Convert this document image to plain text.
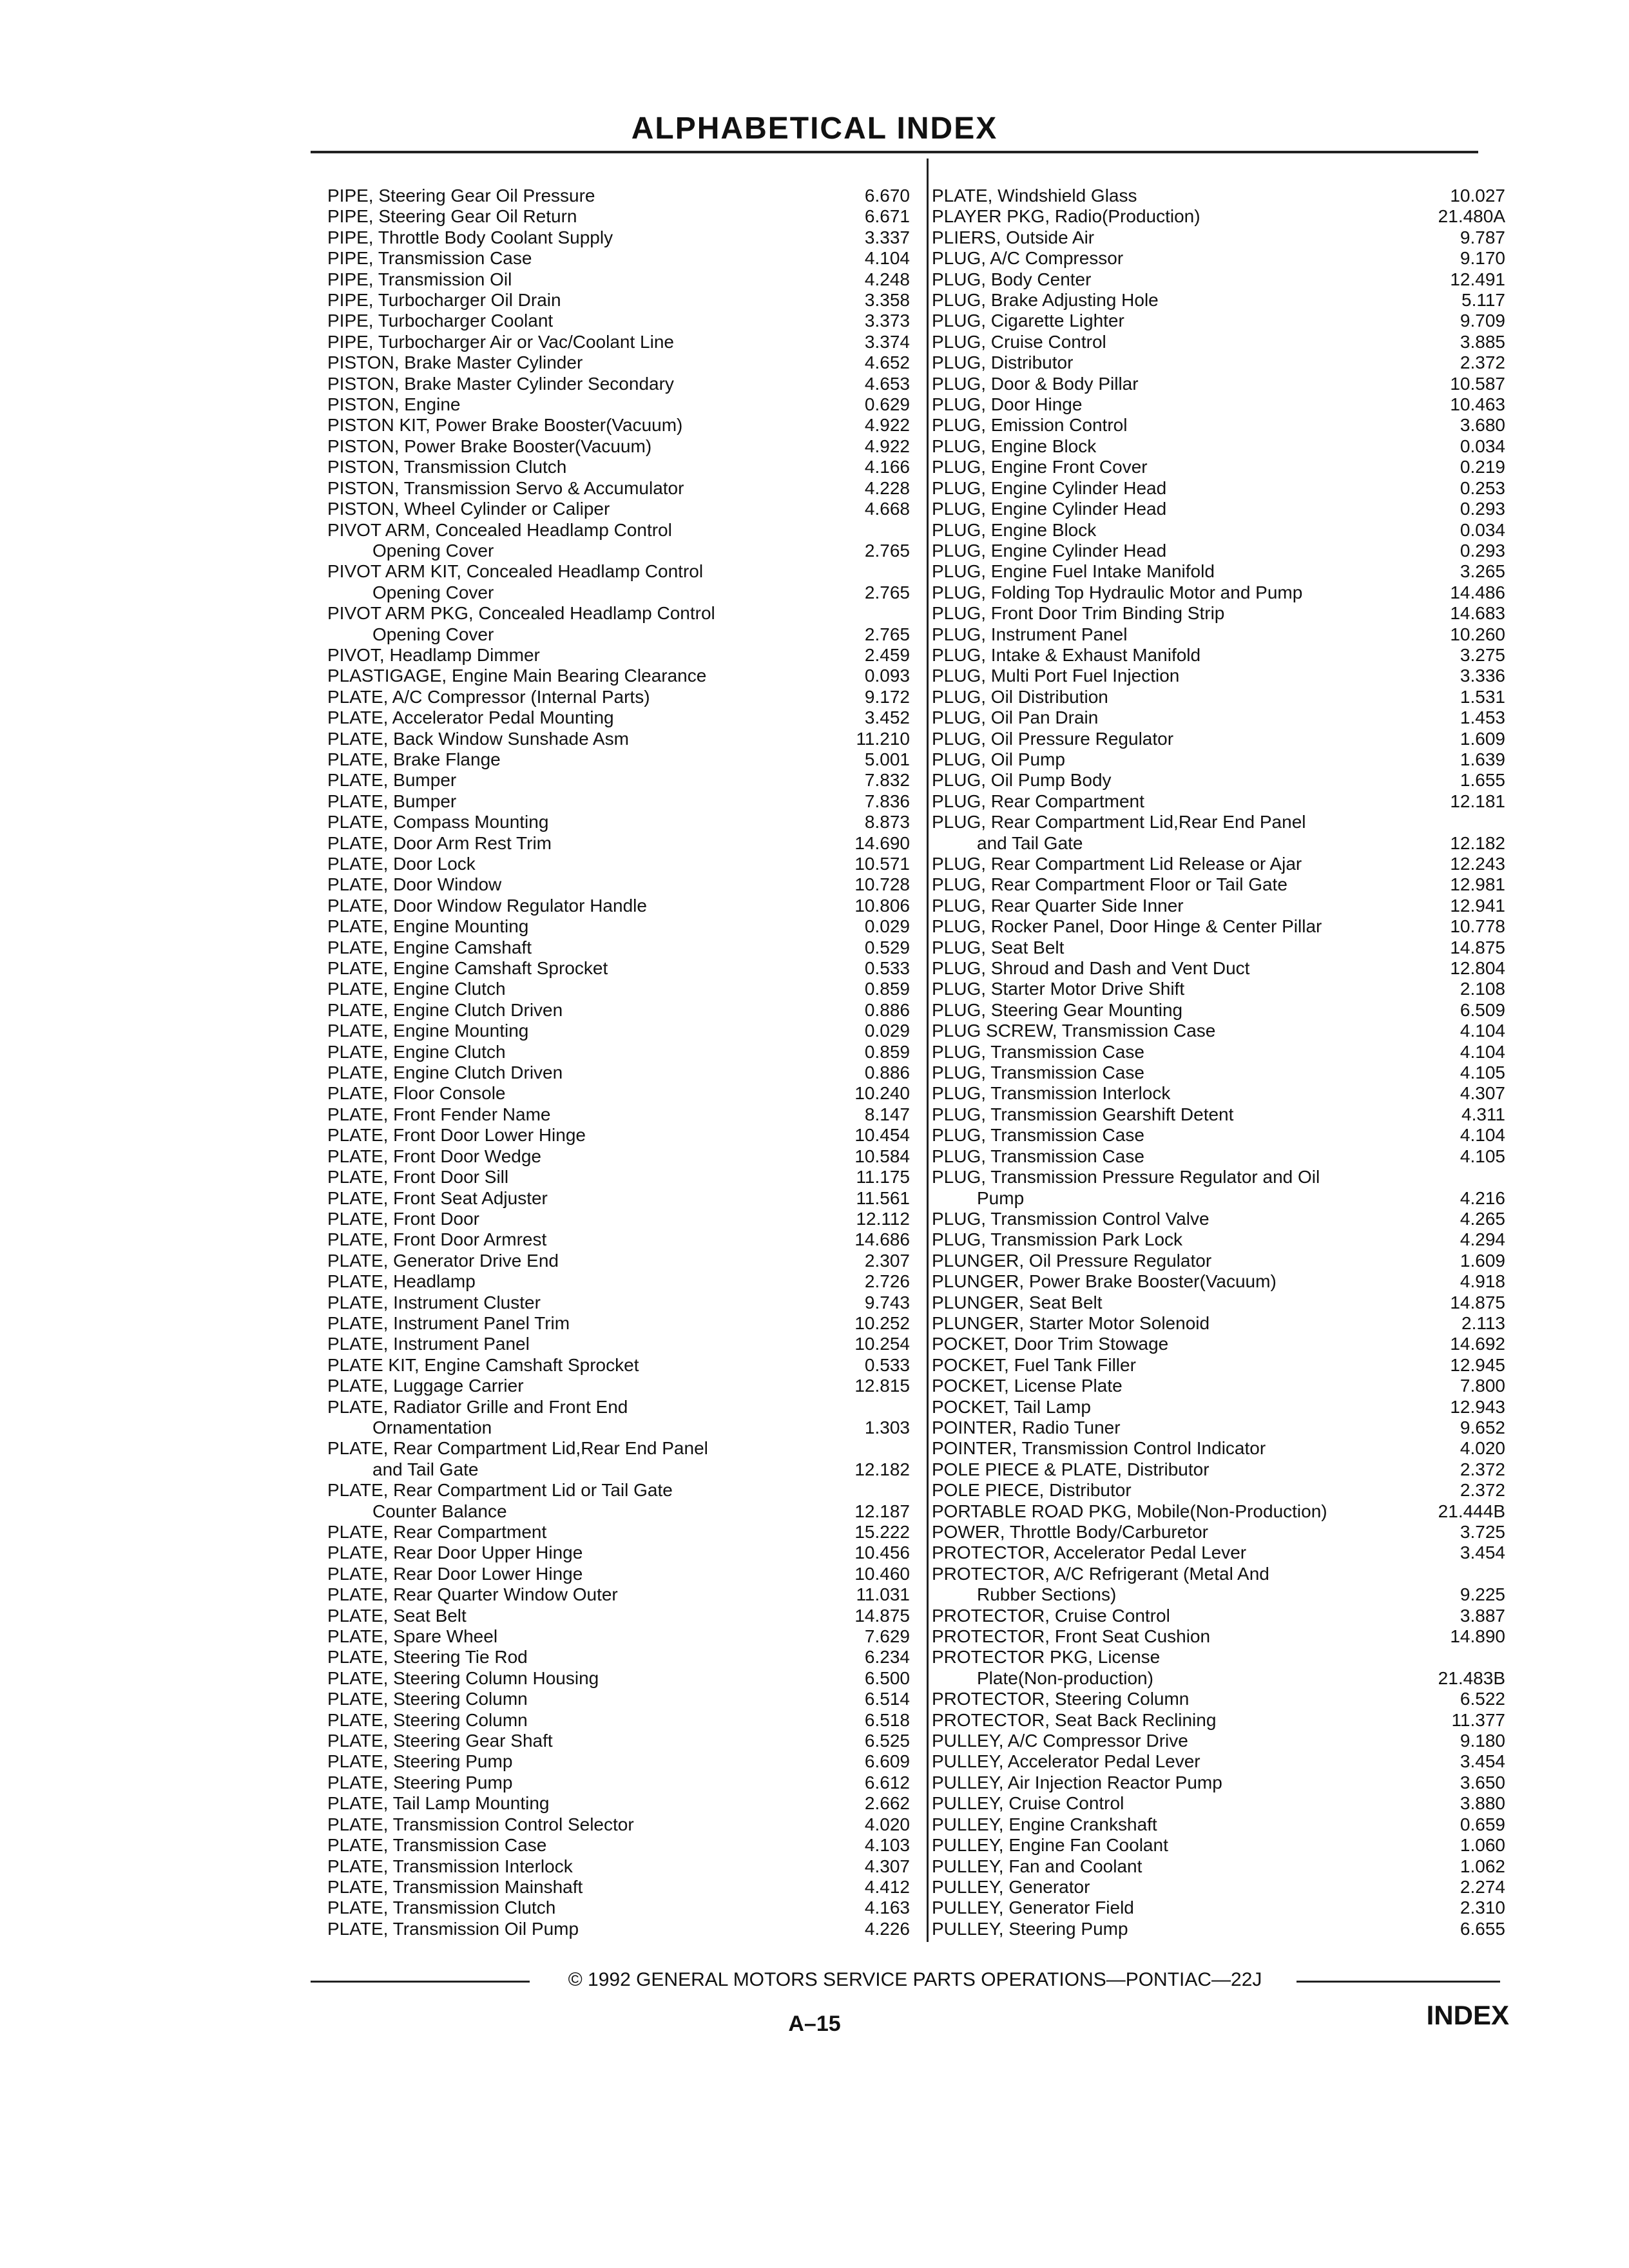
ALPHABETICAL INDEX
PIPE, Steering Gear Oil Pressure	6.670
PIPE, Steering Gear Oil Return	6.671
PIPE, Throttle Body Coolant Supply	3.337
PIPE, Transmission Case	4.104
PIPE, Transmission Oil	4.248
PIPE, Turbocharger Oil Drain	3.358
PIPE, Turbocharger Coolant	3.373
PIPE, Turbocharger Air or Vac/Coolant Line	3.374
PISTON, Brake Master Cylinder	4.652
PISTON, Brake Master Cylinder Secondary	4.653
PISTON, Engine	0.629
PISTON KIT, Power Brake Booster(Vacuum)	4.922
PISTON, Power Brake Booster(Vacuum)	4.922
PISTON, Transmission Clutch	4.166
PISTON, Transmission Servo & Accumulator	4.228
PISTON, Wheel Cylinder or Caliper	4.668
PIVOT ARM, Concealed Headlamp Control
Opening Cover	2.765
PIVOT ARM KIT, Concealed Headlamp Control
Opening Cover	2.765
PIVOT ARM PKG, Concealed Headlamp Control
Opening Cover	2.765
PIVOT, Headlamp Dimmer	2.459
PLASTIGAGE, Engine Main Bearing Clearance	0.093
PLATE, A/C Compressor (Internal Parts)	9.172
PLATE, Accelerator Pedal Mounting	3.452
PLATE, Back Window Sunshade Asm	11.210
PLATE, Brake Flange	5.001
PLATE, Bumper	7.832
PLATE, Bumper	7.836
PLATE, Compass Mounting	8.873
PLATE, Door Arm Rest Trim	14.690
PLATE, Door Lock	10.571
PLATE, Door Window	10.728
PLATE, Door Window Regulator Handle	10.806
PLATE, Engine Mounting	0.029
PLATE, Engine Camshaft	0.529
PLATE, Engine Camshaft Sprocket	0.533
PLATE, Engine Clutch	0.859
PLATE, Engine Clutch Driven	0.886
PLATE, Engine Mounting	0.029
PLATE, Engine Clutch	0.859
PLATE, Engine Clutch Driven	0.886
PLATE, Floor Console	10.240
PLATE, Front Fender Name	8.147
PLATE, Front Door Lower Hinge	10.454
PLATE, Front Door Wedge	10.584
PLATE, Front Door Sill	11.175
PLATE, Front Seat Adjuster	11.561
PLATE, Front Door	12.112
PLATE, Front Door Armrest	14.686
PLATE, Generator Drive End	2.307
PLATE, Headlamp	2.726
PLATE, Instrument Cluster	9.743
PLATE, Instrument Panel Trim	10.252
PLATE, Instrument Panel	10.254
PLATE KIT, Engine Camshaft Sprocket	0.533
PLATE, Luggage Carrier	12.815
PLATE, Radiator Grille and Front End
Ornamentation	1.303
PLATE, Rear Compartment Lid,Rear End Panel
and Tail Gate	12.182
PLATE, Rear Compartment Lid or Tail Gate
Counter Balance	12.187
PLATE, Rear Compartment	15.222
PLATE, Rear Door Upper Hinge	10.456
PLATE, Rear Door Lower Hinge	10.460
PLATE, Rear Quarter Window Outer	11.031
PLATE, Seat Belt	14.875
PLATE, Spare Wheel	7.629
PLATE, Steering Tie Rod	6.234
PLATE, Steering Column Housing	6.500
PLATE, Steering Column	6.514
PLATE, Steering Column	6.518
PLATE, Steering Gear Shaft	6.525
PLATE, Steering Pump	6.609
PLATE, Steering Pump	6.612
PLATE, Tail Lamp Mounting	2.662
PLATE, Transmission Control Selector	4.020
PLATE, Transmission Case	4.103
PLATE, Transmission Interlock	4.307
PLATE, Transmission Mainshaft	4.412
PLATE, Transmission Clutch	4.163
PLATE, Transmission Oil Pump	4.226
PLATE, Windshield Glass	10.027
PLAYER PKG, Radio(Production)	21.480A
PLIERS, Outside Air	9.787
PLUG, A/C Compressor	9.170
PLUG, Body Center	12.491
PLUG, Brake Adjusting Hole	5.117
PLUG, Cigarette Lighter	9.709
PLUG, Cruise Control	3.885
PLUG, Distributor	2.372
PLUG, Door & Body Pillar	10.587
PLUG, Door Hinge	10.463
PLUG, Emission Control	3.680
PLUG, Engine Block	0.034
PLUG, Engine Front Cover	0.219
PLUG, Engine Cylinder Head	0.253
PLUG, Engine Cylinder Head	0.293
PLUG, Engine Block	0.034
PLUG, Engine Cylinder Head	0.293
PLUG, Engine Fuel Intake Manifold	3.265
PLUG, Folding Top Hydraulic Motor and Pump	14.486
PLUG, Front Door Trim Binding Strip	14.683
PLUG, Instrument Panel	10.260
PLUG, Intake & Exhaust Manifold	3.275
PLUG, Multi Port Fuel Injection	3.336
PLUG, Oil Distribution	1.531
PLUG, Oil Pan Drain	1.453
PLUG, Oil Pressure Regulator	1.609
PLUG, Oil Pump	1.639
PLUG, Oil Pump Body	1.655
PLUG, Rear Compartment	12.181
PLUG, Rear Compartment Lid,Rear End Panel
and Tail Gate	12.182
PLUG, Rear Compartment Lid Release or Ajar	12.243
PLUG, Rear Compartment Floor or Tail Gate	12.981
PLUG, Rear Quarter Side Inner	12.941
PLUG, Rocker Panel, Door Hinge & Center Pillar	10.778
PLUG, Seat Belt	14.875
PLUG, Shroud and Dash and Vent Duct	12.804
PLUG, Starter Motor Drive Shift	2.108
PLUG, Steering Gear Mounting	6.509
PLUG SCREW, Transmission Case	4.104
PLUG, Transmission Case	4.104
PLUG, Transmission Case	4.105
PLUG, Transmission Interlock	4.307
PLUG, Transmission Gearshift Detent	4.311
PLUG, Transmission Case	4.104
PLUG, Transmission Case	4.105
PLUG, Transmission Pressure Regulator and Oil
Pump	4.216
PLUG, Transmission Control Valve	4.265
PLUG, Transmission Park Lock	4.294
PLUNGER, Oil Pressure Regulator	1.609
PLUNGER, Power Brake Booster(Vacuum)	4.918
PLUNGER, Seat Belt	14.875
PLUNGER, Starter Motor Solenoid	2.113
POCKET, Door Trim Stowage	14.692
POCKET, Fuel Tank Filler	12.945
POCKET, License Plate	7.800
POCKET, Tail Lamp	12.943
POINTER, Radio Tuner	9.652
POINTER, Transmission Control Indicator	4.020
POLE PIECE & PLATE, Distributor	2.372
POLE PIECE, Distributor	2.372
PORTABLE ROAD PKG, Mobile(Non-Production)	21.444B
POWER, Throttle Body/Carburetor	3.725
PROTECTOR, Accelerator Pedal Lever	3.454
PROTECTOR, A/C Refrigerant (Metal And
Rubber Sections)	9.225
PROTECTOR, Cruise Control	3.887
PROTECTOR, Front Seat Cushion	14.890
PROTECTOR PKG, License
Plate(Non-production)	21.483B
PROTECTOR, Steering Column	6.522
PROTECTOR, Seat Back Reclining	11.377
PULLEY, A/C Compressor Drive	9.180
PULLEY, Accelerator Pedal Lever	3.454
PULLEY, Air Injection Reactor Pump	3.650
PULLEY, Cruise Control	3.880
PULLEY, Engine Crankshaft	0.659
PULLEY, Engine Fan Coolant	1.060
PULLEY, Fan and Coolant	1.062
PULLEY, Generator	2.274
PULLEY, Generator Field	2.310
PULLEY, Steering Pump	6.655
© 1992 GENERAL MOTORS SERVICE PARTS OPERATIONS—PONTIAC—22J
A–15	INDEX
